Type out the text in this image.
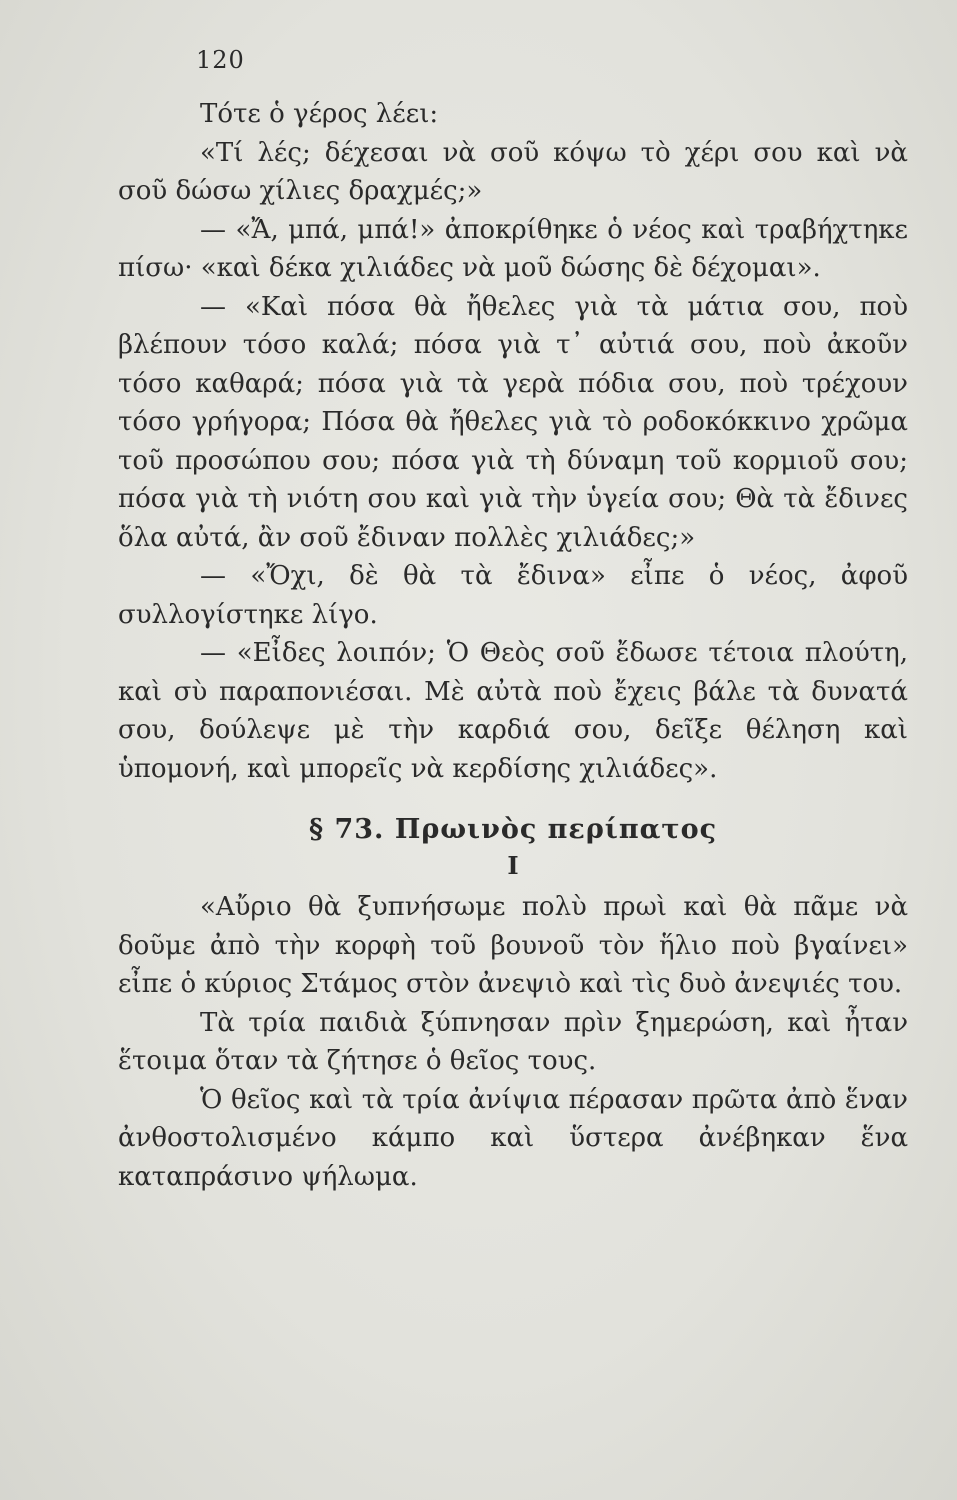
120

Τότε ὁ γέρος λέει:

«Τί λές; δέχεσαι νὰ σοῦ κόψω τὸ χέρι σου καὶ νὰ σοῦ δώσω χίλιες δραχμές;»

— «Ἄ, μπά, μπά!» ἀποκρίθηκε ὁ νέος καὶ τραβήχτηκε πίσω· «καὶ δέκα χιλιάδες νὰ μοῦ δώσης δὲ δέχομαι».

— «Καὶ πόσα θὰ ἤθελες γιὰ τὰ μάτια σου, ποὺ βλέπουν τόσο καλά; πόσα γιὰ τ᾽ αὐτιά σου, ποὺ ἀκοῦν τόσο καθαρά; πόσα γιὰ τὰ γερὰ πόδια σου, ποὺ τρέχουν τόσο γρήγορα; Πόσα θὰ ἤθελες γιὰ τὸ ροδοκόκκινο χρῶμα τοῦ προσώπου σου; πόσα γιὰ τὴ δύναμη τοῦ κορμιοῦ σου; πόσα γιὰ τὴ νιότη σου καὶ γιὰ τὴν ὑγεία σου; Θὰ τὰ ἔδινες ὅλα αὐτά, ἂν σοῦ ἔδιναν πολλὲς χιλιάδες;»

— «Ὄχι, δὲ θὰ τὰ ἔδινα» εἶπε ὁ νέος, ἀφοῦ συλλογίστηκε λίγο.

— «Εἶδες λοιπόν; Ὁ Θεὸς σοῦ ἔδωσε τέτοια πλούτη, καὶ σὺ παραπονιέσαι. Μὲ αὐτὰ ποὺ ἔχεις βάλε τὰ δυνατά σου, δούλεψε μὲ τὴν καρδιά σου, δεῖξε θέληση καὶ ὑπομονή, καὶ μπορεῖς νὰ κερδίσης χιλιάδες».

§ 73. Πρωινὸς περίπατος
Ι

«Αὔριο θὰ ξυπνήσωμε πολὺ πρωὶ καὶ θὰ πᾶμε νὰ δοῦμε ἀπὸ τὴν κορφὴ τοῦ βουνοῦ τὸν ἥλιο ποὺ βγαίνει» εἶπε ὁ κύριος Στάμος στὸν ἀνεψιὸ καὶ τὶς δυὸ ἀνεψιές του.

Τὰ τρία παιδιὰ ξύπνησαν πρὶν ξημερώση, καὶ ἦταν ἕτοιμα ὅταν τὰ ζήτησε ὁ θεῖος τους.

Ὁ θεῖος καὶ τὰ τρία ἀνίψια πέρασαν πρῶτα ἀπὸ ἕναν ἀνθοστολισμένο κάμπο καὶ ὕστερα ἀνέβηκαν ἕνα καταπράσινο ψήλωμα.
